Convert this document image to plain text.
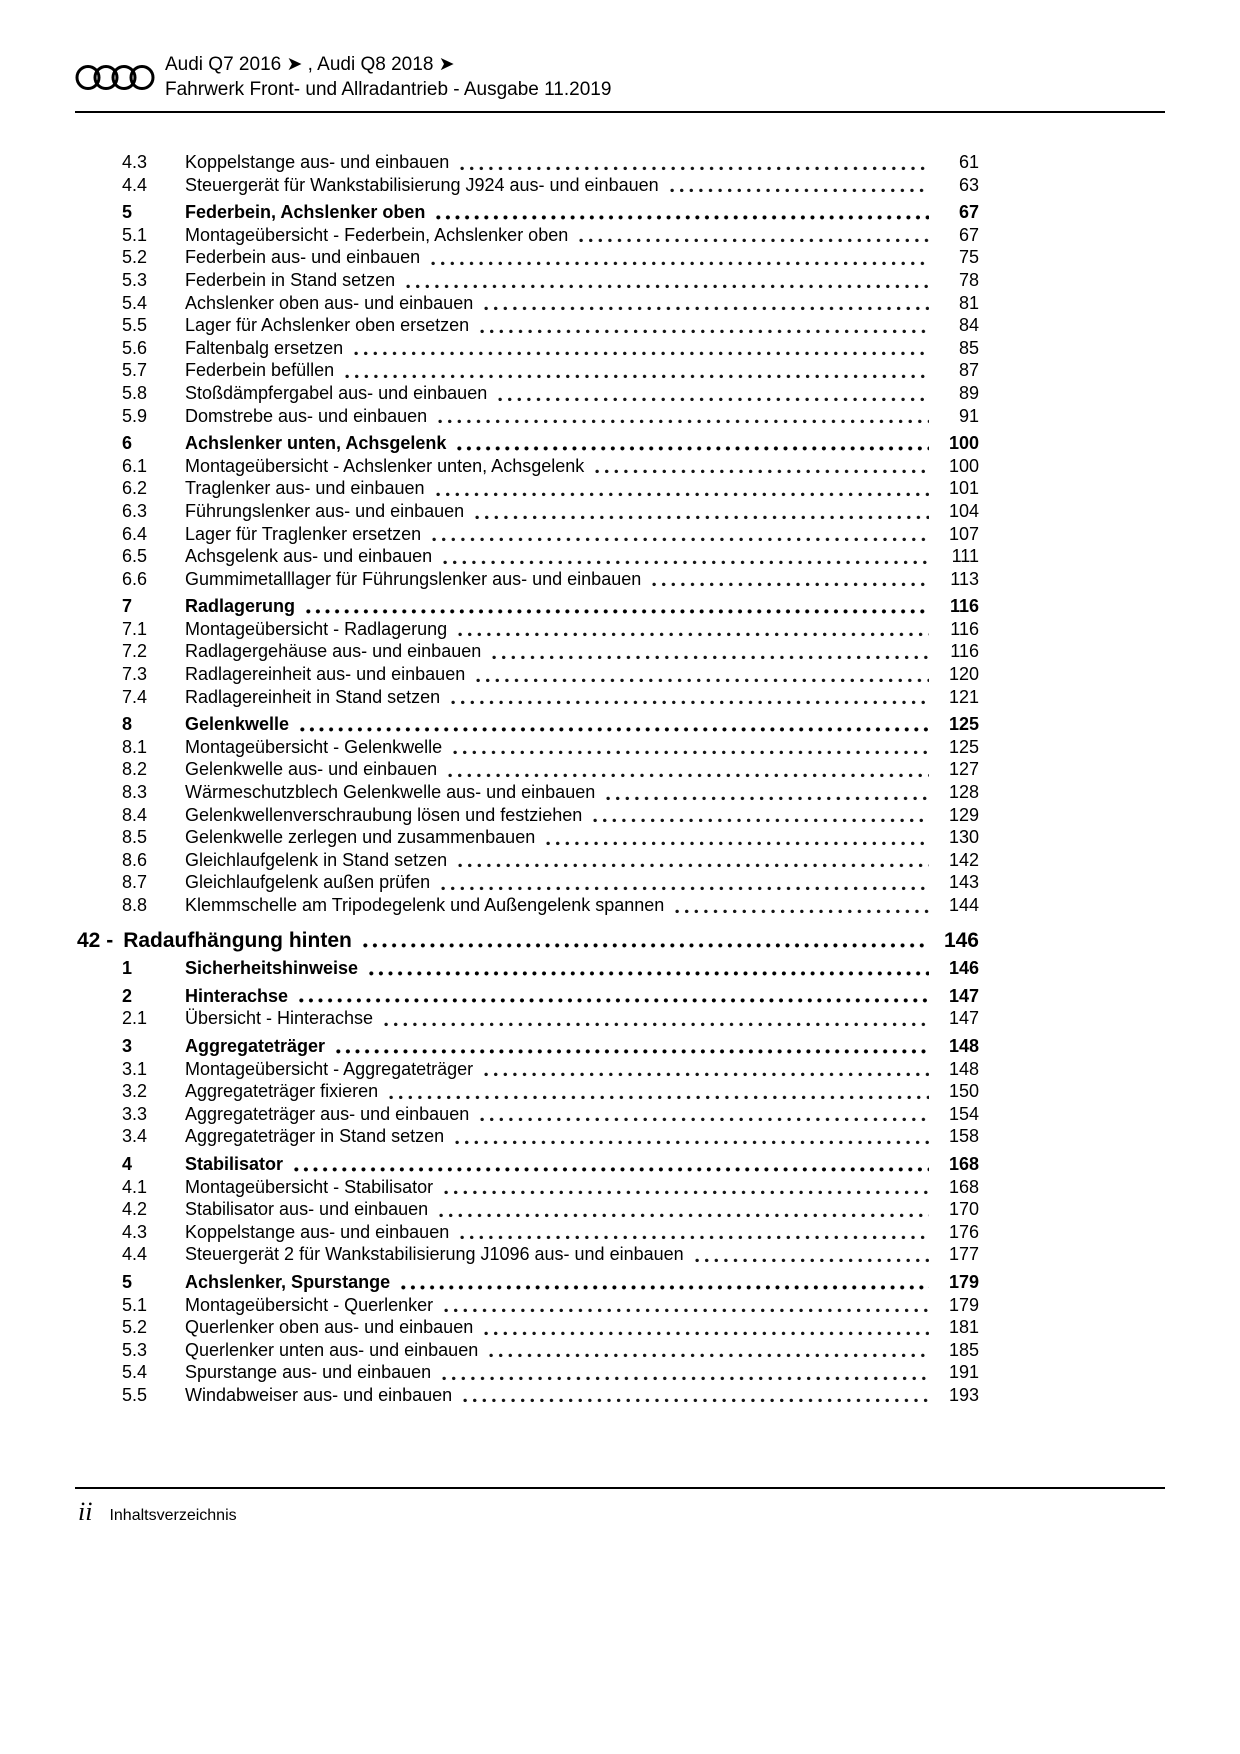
Audi Q7 2016 ➤ , Audi Q8 2018 ➤
Fahrwerk Front- und Allradantrieb - Ausgabe 11.2019
4.3	Koppelstange aus- und einbauen	61
4.4	Steuergerät für Wankstabilisierung J924 aus- und einbauen	63
5	Federbein, Achslenker oben	67
5.1	Montageübersicht - Federbein, Achslenker oben	67
5.2	Federbein aus- und einbauen	75
5.3	Federbein in Stand setzen	78
5.4	Achslenker oben aus- und einbauen	81
5.5	Lager für Achslenker oben ersetzen	84
5.6	Faltenbalg ersetzen	85
5.7	Federbein befüllen	87
5.8	Stoßdämpfergabel aus- und einbauen	89
5.9	Domstrebe aus- und einbauen	91
6	Achslenker unten, Achsgelenk	100
6.1	Montageübersicht - Achslenker unten, Achsgelenk	100
6.2	Traglenker aus- und einbauen	101
6.3	Führungslenker aus- und einbauen	104
6.4	Lager für Traglenker ersetzen	107
6.5	Achsgelenk aus- und einbauen	111
6.6	Gummimetalllager für Führungslenker aus- und einbauen	113
7	Radlagerung	116
7.1	Montageübersicht - Radlagerung	116
7.2	Radlagergehäuse aus- und einbauen	116
7.3	Radlagereinheit aus- und einbauen	120
7.4	Radlagereinheit in Stand setzen	121
8	Gelenkwelle	125
8.1	Montageübersicht - Gelenkwelle	125
8.2	Gelenkwelle aus- und einbauen	127
8.3	Wärmeschutzblech Gelenkwelle aus- und einbauen	128
8.4	Gelenkwellenverschraubung lösen und festziehen	129
8.5	Gelenkwelle zerlegen und zusammenbauen	130
8.6	Gleichlaufgelenk in Stand setzen	142
8.7	Gleichlaufgelenk außen prüfen	143
8.8	Klemmschelle am Tripodegelenk und Außengelenk spannen	144
42 - Radaufhängung hinten	146
1	Sicherheitshinweise	146
2	Hinterachse	147
2.1	Übersicht - Hinterachse	147
3	Aggregateträger	148
3.1	Montageübersicht - Aggregateträger	148
3.2	Aggregateträger fixieren	150
3.3	Aggregateträger aus- und einbauen	154
3.4	Aggregateträger in Stand setzen	158
4	Stabilisator	168
4.1	Montageübersicht - Stabilisator	168
4.2	Stabilisator aus- und einbauen	170
4.3	Koppelstange aus- und einbauen	176
4.4	Steuergerät 2 für Wankstabilisierung J1096 aus- und einbauen	177
5	Achslenker, Spurstange	179
5.1	Montageübersicht - Querlenker	179
5.2	Querlenker oben aus- und einbauen	181
5.3	Querlenker unten aus- und einbauen	185
5.4	Spurstange aus- und einbauen	191
5.5	Windabweiser aus- und einbauen	193
ii Inhaltsverzeichnis
